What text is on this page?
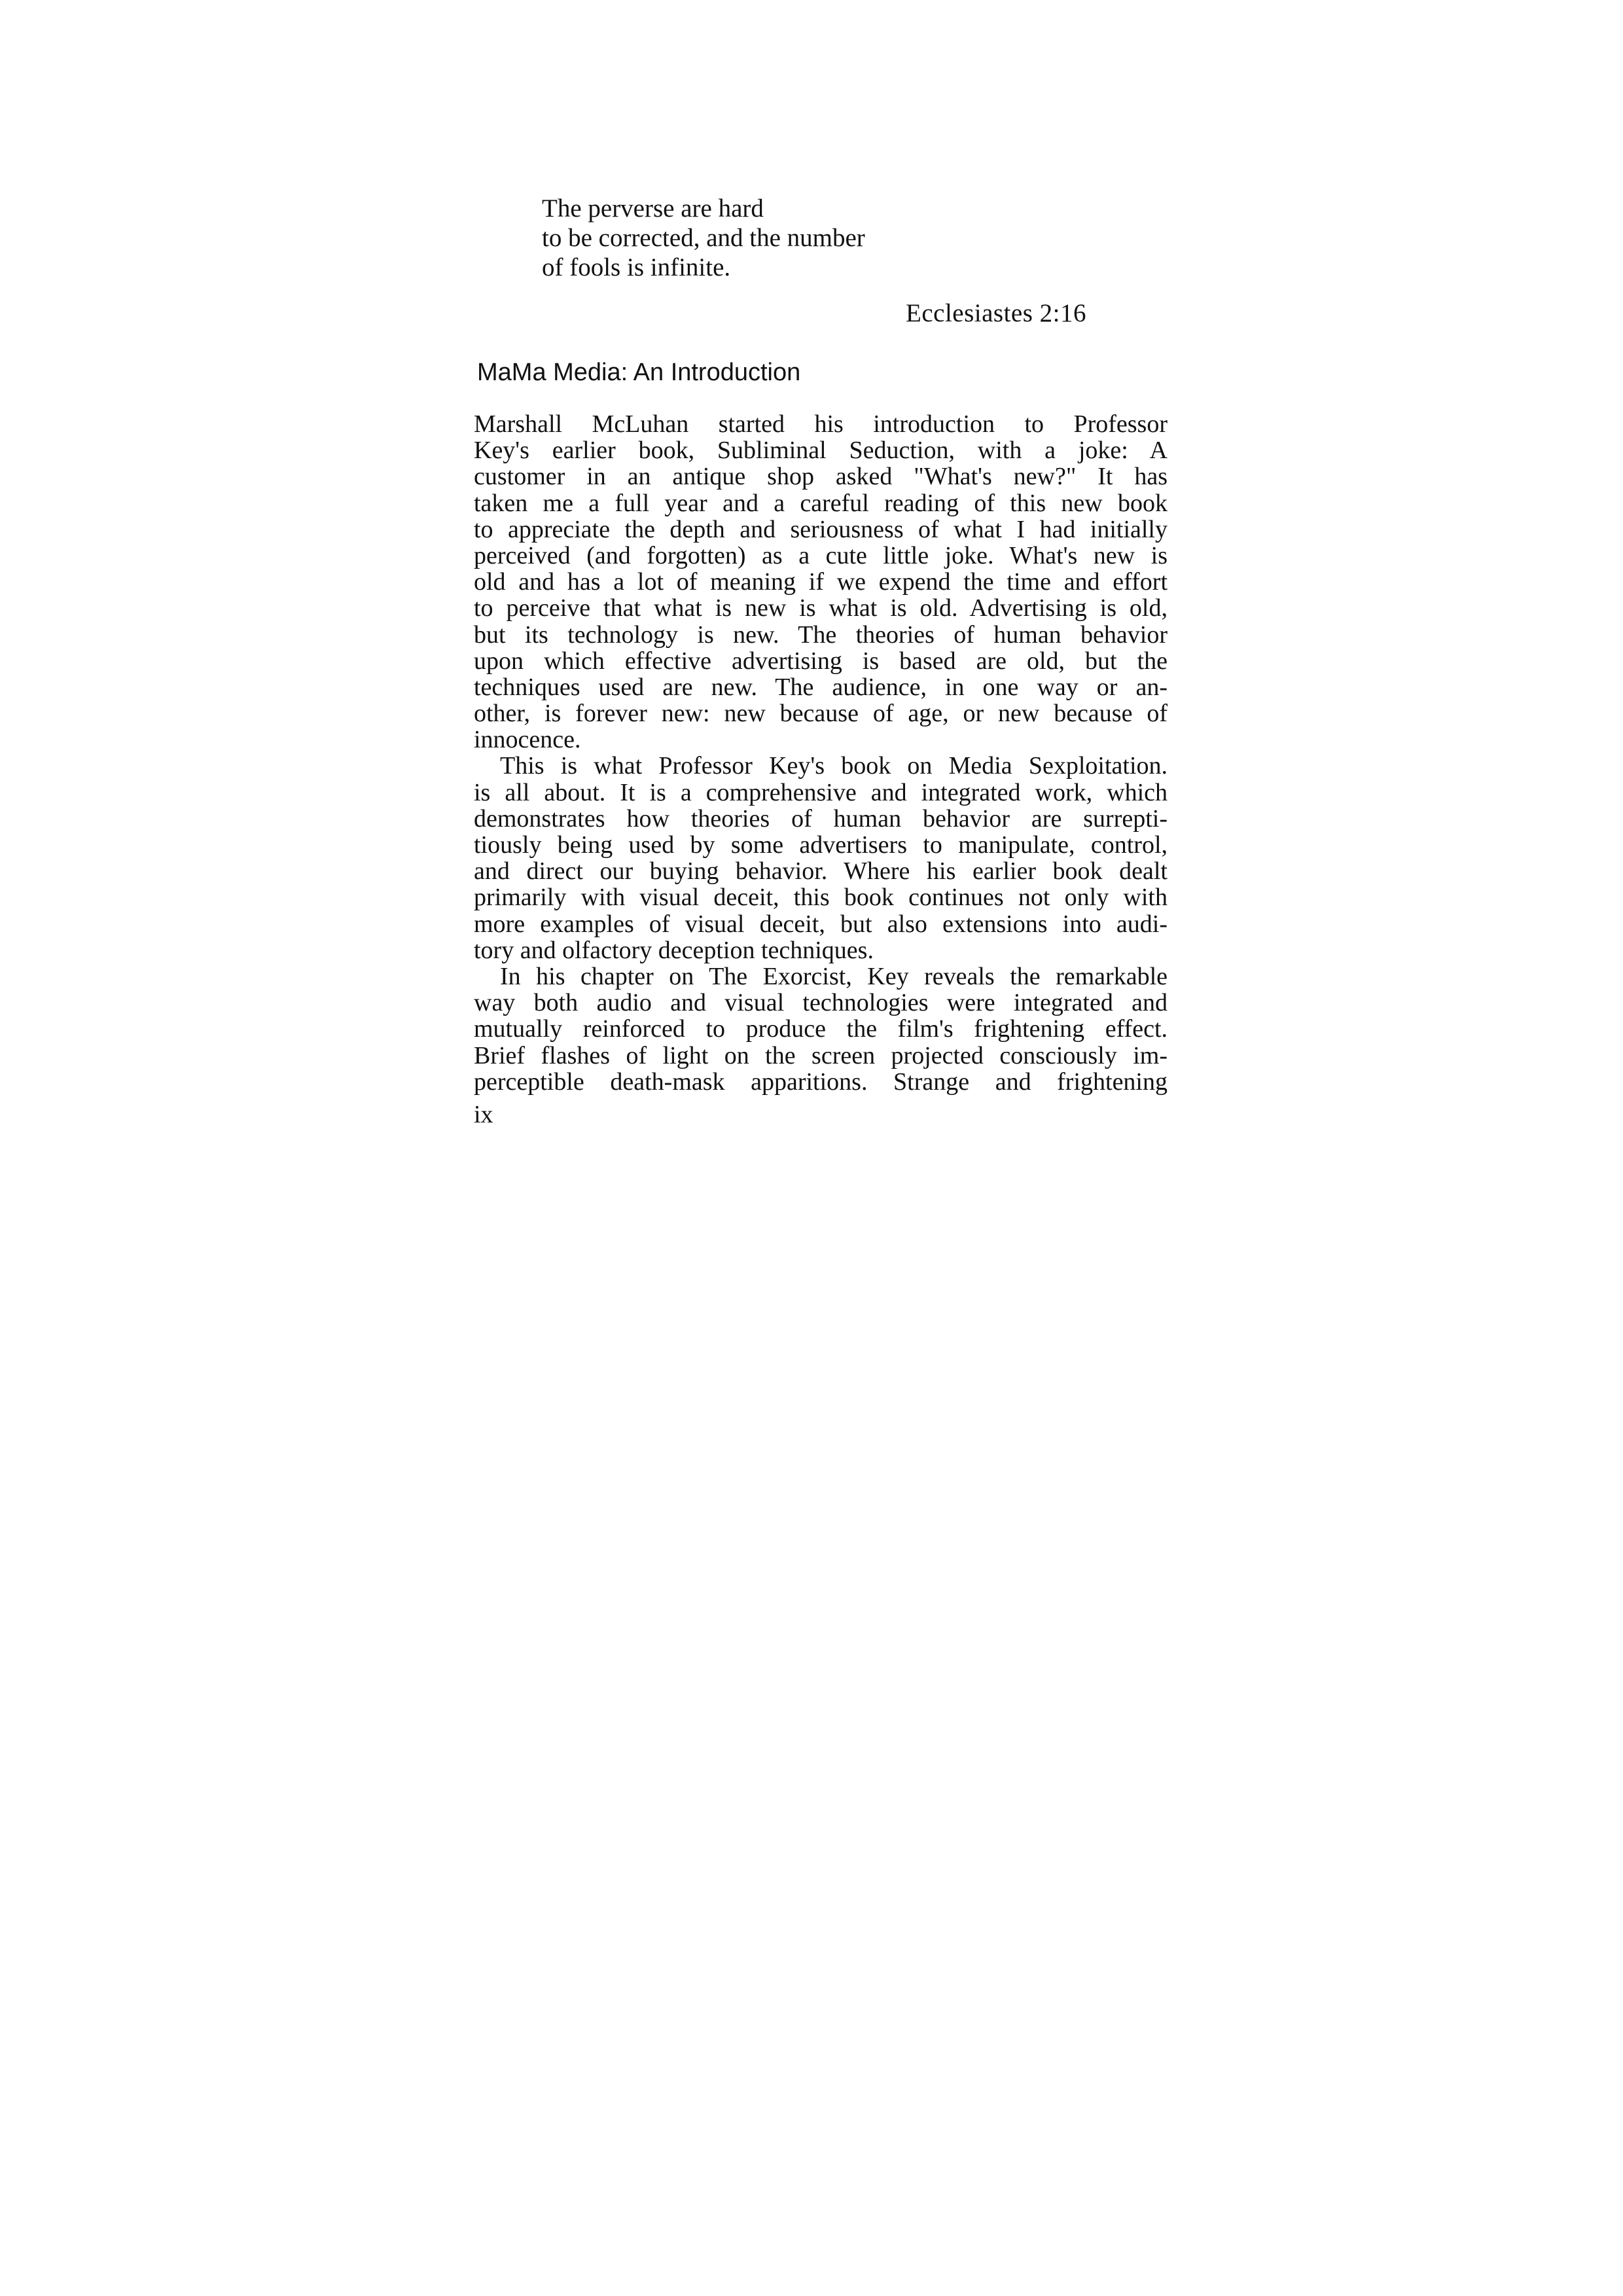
The perverse are hard
to be corrected, and the number
of fools is infinite.
Ecclesiastes 2:16
MaMa Media: An Introduction
Marshall McLuhan started his introduction to Professor
Key's earlier book, Subliminal Seduction, with a joke: A
customer in an antique shop asked "What's new?" It has
taken me a full year and a careful reading of this new book
to appreciate the depth and seriousness of what I had initially
perceived (and forgotten) as a cute little joke. What's new is
old and has a lot of meaning if we expend the time and effort
to perceive that what is new is what is old. Advertising is old,
but its technology is new. The theories of human behavior
upon which effective advertising is based are old, but the
techniques used are new. The audience, in one way or an-
other, is forever new: new because of age, or new because of
innocence.
This is what Professor Key's book on Media Sexploitation.
is all about. It is a comprehensive and integrated work, which
demonstrates how theories of human behavior are surrepti-
tiously being used by some advertisers to manipulate, control,
and direct our buying behavior. Where his earlier book dealt
primarily with visual deceit, this book continues not only with
more examples of visual deceit, but also extensions into audi-
tory and olfactory deception techniques.
In his chapter on The Exorcist, Key reveals the remarkable
way both audio and visual technologies were integrated and
mutually reinforced to produce the film's frightening effect.
Brief flashes of light on the screen projected consciously im-
perceptible death-mask apparitions. Strange and frightening
ix
